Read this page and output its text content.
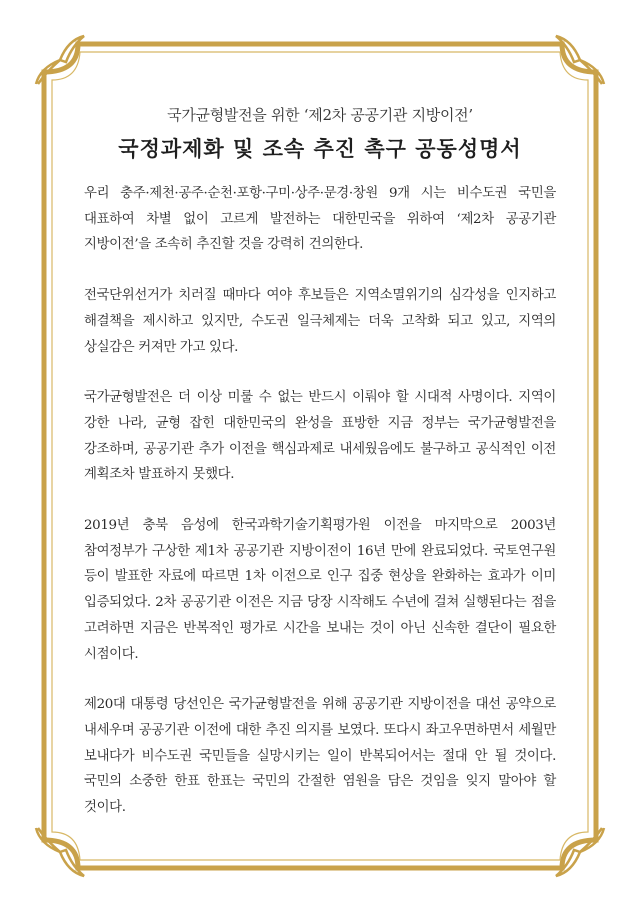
국가균형발전을 위한 ‘제2차 공공기관 지방이전’
국정과제화 및 조속 추진 촉구 공동성명서

우리 충주·제천·공주·순천·포항·구미·상주·문경·창원 9개 시는 비수도권 국민을 대표하여 차별 없이 고르게 발전하는 대한민국을 위하여 ‘제2차 공공기관 지방이전’을 조속히 추진할 것을 강력히 건의한다.

전국단위선거가 치러질 때마다 여야 후보들은 지역소멸위기의 심각성을 인지하고 해결책을 제시하고 있지만, 수도권 일극체제는 더욱 고착화 되고 있고, 지역의 상실감은 커져만 가고 있다.

국가균형발전은 더 이상 미룰 수 없는 반드시 이뤄야 할 시대적 사명이다. 지역이 강한 나라, 균형 잡힌 대한민국의 완성을 표방한 지금 정부는 국가균형발전을 강조하며, 공공기관 추가 이전을 핵심과제로 내세웠음에도 불구하고 공식적인 이전 계획조차 발표하지 못했다.

2019년 충북 음성에 한국과학기술기획평가원 이전을 마지막으로 2003년 참여정부가 구상한 제1차 공공기관 지방이전이 16년 만에 완료되었다. 국토연구원 등이 발표한 자료에 따르면 1차 이전으로 인구 집중 현상을 완화하는 효과가 이미 입증되었다. 2차 공공기관 이전은 지금 당장 시작해도 수년에 걸쳐 실행된다는 점을 고려하면 지금은 반복적인 평가로 시간을 보내는 것이 아닌 신속한 결단이 필요한 시점이다.

제20대 대통령 당선인은 국가균형발전을 위해 공공기관 지방이전을 대선 공약으로 내세우며 공공기관 이전에 대한 추진 의지를 보였다. 또다시 좌고우면하면서 세월만 보내다가 비수도권 국민들을 실망시키는 일이 반복되어서는 절대 안 될 것이다. 국민의 소중한 한표 한표는 국민의 간절한 염원을 담은 것임을 잊지 말아야 할 것이다.
